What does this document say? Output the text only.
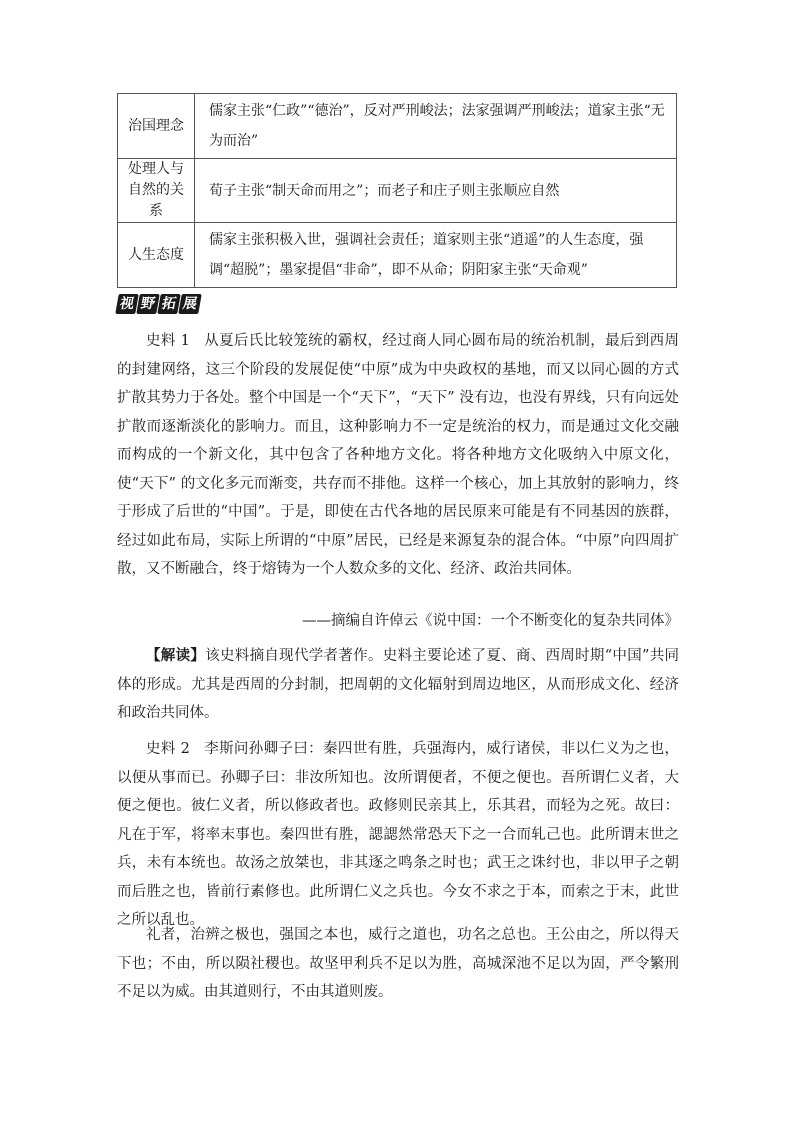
治国理念	儒家主张“仁政”“德治”，反对严刑峻法；法家强调严刑峻法；道家主张“无为而治”
处理人与自然的关系	荀子主张“制天命而用之”；而老子和庄子则主张顺应自然
人生态度	儒家主张积极入世，强调社会责任；道家则主张“逍遥”的人生态度，强调“超脱”；墨家提倡“非命”，即不从命；阴阳家主张“天命观”
视 野 拓 展

史料 1 从夏后氏比较笼统的霸权，经过商人同心圆布局的统治机制，最后到西周的封建网络，这三个阶段的发展促使“中原”成为中央政权的基地，而又以同心圆的方式扩散其势力于各处。整个中国是一个“天下”，“天下” 没有边，也没有界线，只有向远处扩散而逐渐淡化的影响力。而且，这种影响力不一定是统治的权力，而是通过文化交融而构成的一个新文化，其中包含了各种地方文化。将各种地方文化吸纳入中原文化，使“天下” 的文化多元而渐变，共存而不排他。这样一个核心，加上其放射的影响力，终于形成了后世的“中国”。于是，即使在古代各地的居民原来可能是有不同基因的族群，经过如此布局，实际上所谓的“中原”居民，已经是来源复杂的混合体。“中原”向四周扩散，又不断融合，终于熔铸为一个人数众多的文化、经济、政治共同体。

——摘编自许倬云《说中国：一个不断变化的复杂共同体》

【解读】该史料摘自现代学者著作。史料主要论述了夏、商、西周时期“中国”共同体的形成。尤其是西周的分封制，把周朝的文化辐射到周边地区，从而形成文化、经济和政治共同体。

史料 2 李斯问孙卿子曰：秦四世有胜，兵强海内，威行诸侯，非以仁义为之也，以便从事而已。孙卿子曰：非汝所知也。汝所谓便者，不便之便也。吾所谓仁义者，大便之便也。彼仁义者，所以修政者也。政修则民亲其上，乐其君，而轻为之死。故曰：凡在于军，将率末事也。秦四世有胜，諰諰然常恐天下之一合而轧己也。此所谓末世之兵，未有本统也。故汤之放桀也，非其逐之鸣条之时也；武王之诛纣也，非以甲子之朝而后胜之也，皆前行素修也。此所谓仁义之兵也。今女不求之于本，而索之于末，此世之所以乱也。

礼者，治辨之极也，强国之本也，威行之道也，功名之总也。王公由之，所以得天下也；不由，所以陨社稷也。故坚甲利兵不足以为胜，高城深池不足以为固，严令繁刑不足以为威。由其道则行，不由其道则废。
